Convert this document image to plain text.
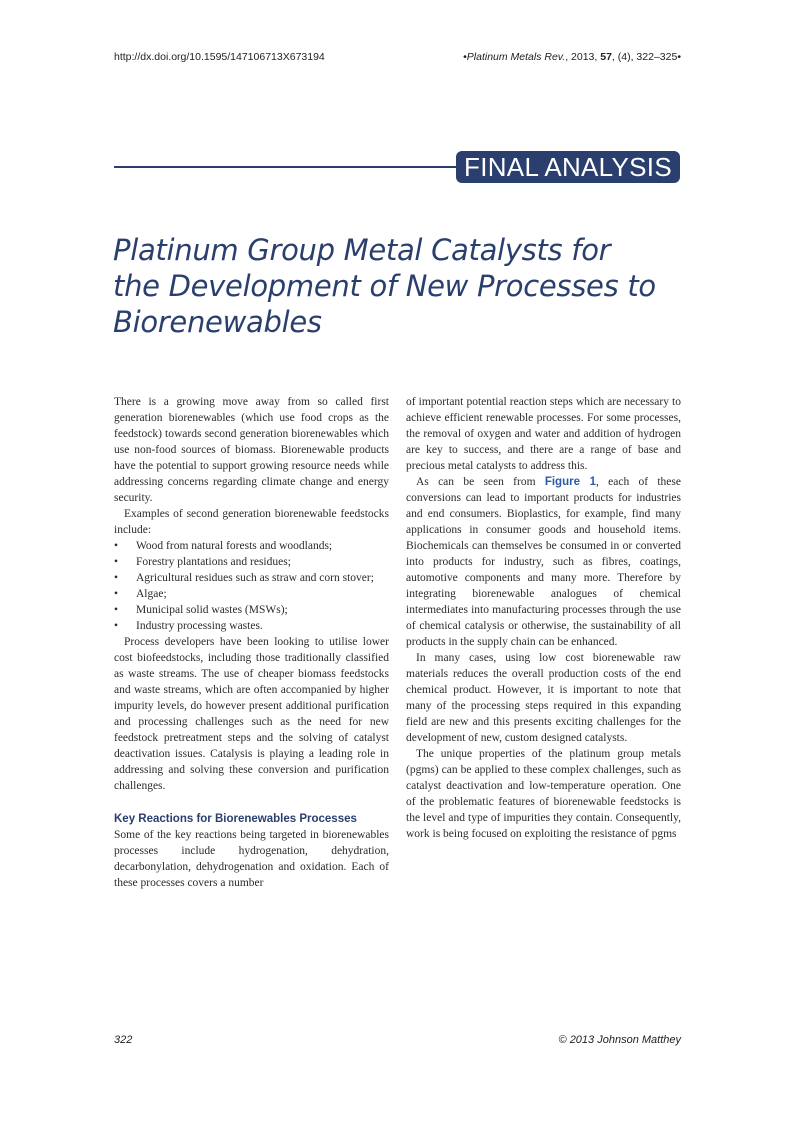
http://dx.doi.org/10.1595/147106713X673194	•Platinum Metals Rev., 2013, 57, (4), 322–325•
FINAL ANALYSIS
Platinum Group Metal Catalysts for
the Development of New Processes to
Biorenewables

There is a growing move away from so called first generation biorenewables (which use food crops as the feedstock) towards second generation biorenewables which use non-food sources of biomass. Biorenewable products have the potential to support growing resource needs while addressing concerns regarding climate change and energy security.

Examples of second generation biorenewable feedstocks include:

• Wood from natural forests and woodlands;
• Forestry plantations and residues;
• Agricultural residues such as straw and corn stover;
• Algae;
• Municipal solid wastes (MSWs);
• Industry processing wastes.

Process developers have been looking to utilise lower cost biofeedstocks, including those traditionally classified as waste streams. The use of cheaper biomass feedstocks and waste streams, which are often accompanied by higher impurity levels, do however present additional purification and processing challenges such as the need for new feedstock pretreatment steps and the solving of catalyst deactivation issues. Catalysis is playing a leading role in addressing and solving these conversion and purification challenges.

Key Reactions for Biorenewables Processes

Some of the key reactions being targeted in biorenewables processes include hydrogenation, dehydration, decarbonylation, dehydrogenation and oxidation. Each of these processes covers a number

of important potential reaction steps which are necessary to achieve efficient renewable processes. For some processes, the removal of oxygen and water and addition of hydrogen are key to success, and there are a range of base and precious metal catalysts to address this.

As can be seen from Figure 1, each of these conversions can lead to important products for industries and end consumers. Bioplastics, for example, find many applications in consumer goods and household items. Biochemicals can themselves be consumed in or converted into products for industry, such as fibres, coatings, automotive components and many more. Therefore by integrating biorenewable analogues of chemical intermediates into manufacturing processes through the use of chemical catalysis or otherwise, the sustainability of all products in the supply chain can be enhanced.

In many cases, using low cost biorenewable raw materials reduces the overall production costs of the end chemical product. However, it is important to note that many of the processing steps required in this expanding field are new and this presents exciting challenges for the development of new, custom designed catalysts.

The unique properties of the platinum group metals (pgms) can be applied to these complex challenges, such as catalyst deactivation and low-temperature operation. One of the problematic features of biorenewable feedstocks is the level and type of impurities they contain. Consequently, work is being focused on exploiting the resistance of pgms

322	© 2013 Johnson Matthey
